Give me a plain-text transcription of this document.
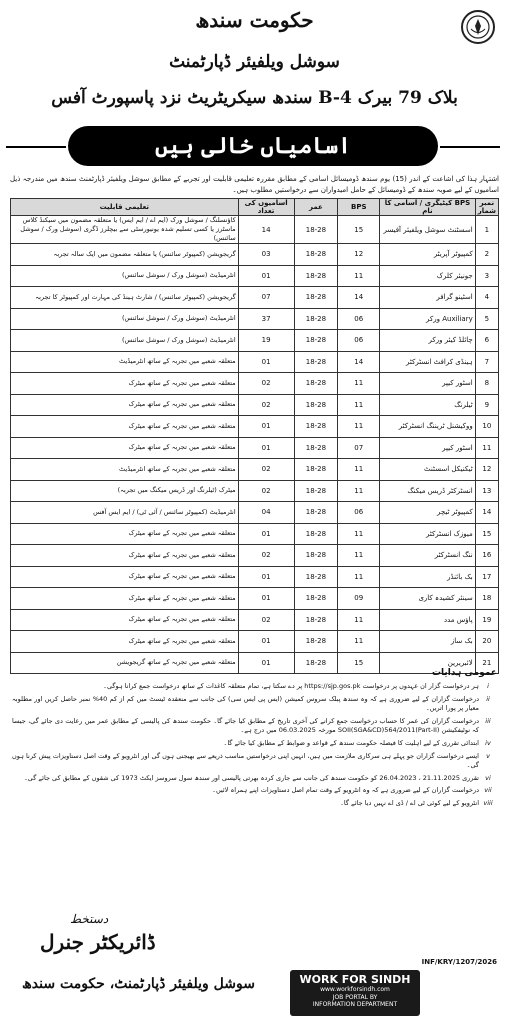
حکومت سندھ
سوشل ویلفیئر ڈپارٹمنٹ
بلاک 79 بیرک B-4 سندھ سیکریٹریٹ نزد پاسپورٹ آفس
اسامیاں خالی ہیں
اشتہار ہذا کی اشاعت کے اندر (15) یوم سندھ ڈومیسائل اسامی کے مطابق مقررہ تعلیمی قابلیت اور تجربے کے مطابق سوشل ویلفیئر ڈپارٹمنٹ سندھ میں مندرجہ ذیل اسامیوں کے لیے صوبہ سندھ کے ڈومیسائل کے حامل امیدواران سے درخواستیں مطلوب ہیں۔
نمبر شمار	BPS کیٹیگری / اسامی کا نام	BPS	عمر	اسامیوں کی تعداد	تعلیمی قابلیت
1	اسسٹنٹ سوشل ویلفیئر آفیسر	15	18-28	14	کاؤنسلنگ / سوشل ورک (ایم اے / ایم ایس) یا متعلقہ مضمون میں سیکنڈ کلاس ماسٹرز یا کسی تسلیم شدہ یونیورسٹی سے بیچلرز ڈگری (سوشل ورک / سوشل سائنس)
2	کمپیوٹر آپریٹر	12	18-28	03	گریجویشن (کمپیوٹر سائنس) یا متعلقہ مضمون میں ایک سالہ تجربہ
3	جونیئر کلرک	11	18-28	01	انٹرمیڈیٹ (سوشل ورک / سوشل سائنس)
4	اسٹینو گرافر	14	18-28	07	گریجویشن (کمپیوٹر سائنس) / شارٹ ہینڈ کی مہارت اور کمپیوٹر کا تجربہ
5	Auxiliary ورکر	06	18-28	37	انٹرمیڈیٹ (سوشل ورک / سوشل سائنس)
6	چائلڈ کیئر ورکر	06	18-28	19	انٹرمیڈیٹ (سوشل ورک / سوشل سائنس)
7	ہینڈی کرافٹ انسٹرکٹر	14	18-28	01	متعلقہ شعبے میں تجربہ کے ساتھ انٹرمیڈیٹ
8	اسٹور کیپر	11	18-28	02	متعلقہ شعبے میں تجربہ کے ساتھ میٹرک
9	ٹیلرنگ	11	18-28	02	متعلقہ شعبے میں تجربہ کے ساتھ میٹرک
10	ووکیشنل ٹریننگ انسٹرکٹر	11	18-28	01	متعلقہ شعبے میں تجربہ کے ساتھ میٹرک
11	اسٹور کیپر	07	18-28	01	متعلقہ شعبے میں تجربہ کے ساتھ میٹرک
12	ٹیکنیکل اسسٹنٹ	11	18-28	02	متعلقہ شعبے میں تجربہ کے ساتھ انٹرمیڈیٹ
13	انسٹرکٹر ڈریس میکنگ	11	18-28	02	میٹرک (ٹیلرنگ اور ڈریس میکنگ میں تجربہ)
14	کمپیوٹر ٹیچر	06	18-28	04	انٹرمیڈیٹ (کمپیوٹر سائنس / آئی ٹی) / ایم ایس آفس
15	میوزک انسٹرکٹر	11	18-28	01	متعلقہ شعبے میں تجربہ کے ساتھ میٹرک
16	ننگ انسٹرکٹر	11	18-28	02	متعلقہ شعبے میں تجربہ کے ساتھ میٹرک
17	بک بائنڈر	11	18-28	01	متعلقہ شعبے میں تجربہ کے ساتھ میٹرک
18	سینئر کشیدہ کاری	09	18-28	01	متعلقہ شعبے میں تجربہ کے ساتھ میٹرک
19	پاؤس مدد	11	18-28	02	متعلقہ شعبے میں تجربہ کے ساتھ میٹرک
20	بک ساز	11	18-28	01	متعلقہ شعبے میں تجربہ کے ساتھ میٹرک
21	لائبریرین	15	18-28	01	متعلقہ شعبے میں تجربہ کے ساتھ گریجویشن
عمومی ہدایات
i
ہر درخواست گزار ان عہدوں پر درخواست https://sjp.gos.pk پر دے سکتا ہے، تمام متعلقہ کاغذات کے ساتھ درخواست جمع کرانا ہوگی۔
ii
درخواست گزاران کے لیے ضروری ہے کہ وہ سندھ پبلک سروس کمیشن (ایس پی ایس سی) کی جانب سے منعقدہ ٹیسٹ میں کم از کم 40% نمبر حاصل کریں اور مطلوبہ معیار پر پورا اتریں۔
iii
درخواست گزاران کی عمر کا حساب درخواست جمع کرانے کی آخری تاریخ کے مطابق کیا جائے گا۔ حکومت سندھ کی پالیسی کے مطابق عمر میں رعایت دی جائے گی، جیسا کہ نوٹیفکیشن SOII(SGA&CD)564/2011(Part-II) مورخہ 06.03.2025 میں درج ہے۔
iv
ابتدائی تقرری کے لیے اہلیت کا فیصلہ حکومت سندھ کے قواعد و ضوابط کے مطابق کیا جائے گا۔
v
ایسے درخواست گزاران جو پہلے ہی سرکاری ملازمت میں ہیں، انہیں اپنی درخواستیں مناسب ذریعے سے بھیجنی ہوں گی اور انٹرویو کے وقت اصل دستاویزات پیش کرنا ہوں گی۔
vi
تقرری 21.11.2025 ، 26.04.2023 کو حکومت سندھ کی جانب سے جاری کردہ بھرتی پالیسی اور سندھ سول سروسز ایکٹ 1973 کی شقوں کے مطابق کی جائے گی۔
vii
درخواست گزاران کے لیے ضروری ہے کہ وہ انٹرویو کے وقت تمام اصل دستاویزات اپنے ہمراہ لائیں۔
viii
انٹرویو کے لیے کوئی ٹی اے / ڈی اے نہیں دیا جائے گا۔
INF/KRY/1207/2026
دستخط
ڈائریکٹر جنرل
سوشل ویلفیئر ڈپارٹمنٹ، حکومت سندھ	WORK FOR SINDH
www.workforsindh.com
JOB PORTAL BY
INFORMATION DEPARTMENT
